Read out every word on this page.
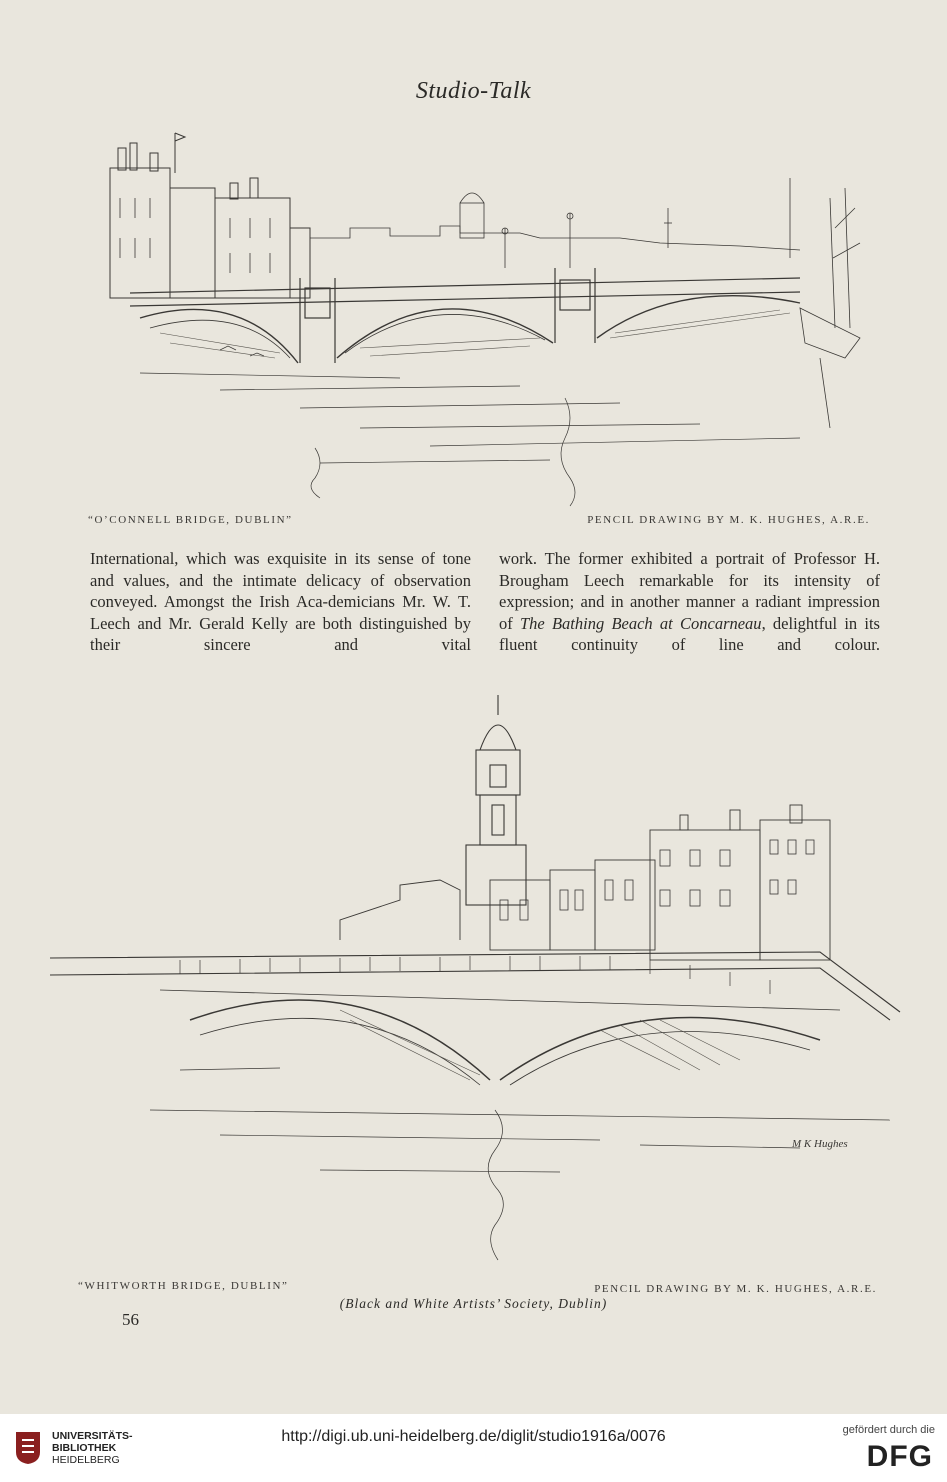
Studio-Talk
“O’CONNELL BRIDGE, DUBLIN”	PENCIL DRAWING BY M. K. HUGHES, A.R.E.

International, which was exquisite in its sense of tone and values, and the intimate delicacy of observation conveyed. Amongst the Irish Aca-demicians Mr. W. T. Leech and Mr. Gerald Kelly are both distinguished by their sincere and vital

work. The former exhibited a portrait of Professor H. Brougham Leech remarkable for its intensity of expression; and in another manner a radiant impression of The Bathing Beach at Concarneau, delightful in its fluent continuity of line and colour.

M K Hughes
“WHITWORTH BRIDGE, DUBLIN”	PENCIL DRAWING BY M. K. HUGHES, A.R.E.
(Black and White Artists’ Society, Dublin)
56
UNIVERSITÄTS-
BIBLIOTHEK
HEIDELBERG
http://digi.ub.uni-heidelberg.de/diglit/studio1916a/0076	gefördert durch die
DFG
